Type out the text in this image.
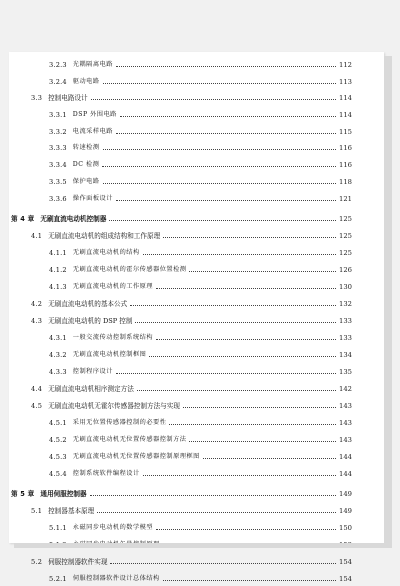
3.2.3 光耦隔离电路	112
3.2.4 驱动电路	113
3.3 控制电路设计	114
3.3.1 DSP 外围电路	114
3.3.2 电流采样电路	115
3.3.3 转速检测	116
3.3.4 DC 检测	116
3.3.5 保护电路	118
3.3.6 操作面板设计	121
第 4 章 无刷直流电动机控制器	125
4.1 无刷直流电动机的组成结构和工作原理	125
4.1.1 无刷直流电动机的结构	125
4.1.2 无刷直流电动机的霍尔传感器位置检测	126
4.1.3 无刷直流电动机的工作原理	130
4.2 无刷直流电动机的基本公式	132
4.3 无刷直流电动机的 DSP 控制	133
4.3.1 一般交流传动控制系统结构	133
4.3.2 无刷直流电动机控制框图	134
4.3.3 控制程序设计	135
4.4 无刷直流电动机相序测定方法	142
4.5 无刷直流电动机无霍尔传感器控制方法与实现	143
4.5.1 采用无位置传感器控制的必要性	143
4.5.2 无刷直流电动机无位置传感器控制方法	143
4.5.3 无刷直流电动机无位置传感器控制原理框图	144
4.5.4 控制系统软件编程设计	144
第 5 章 通用伺服控制器	149
5.1 控制器基本原理	149
5.1.1 永磁同步电动机的数学模型	150
5.2 伺服控制器软件实现	154
5.2.1 伺服控制器软件设计总体结构	154
